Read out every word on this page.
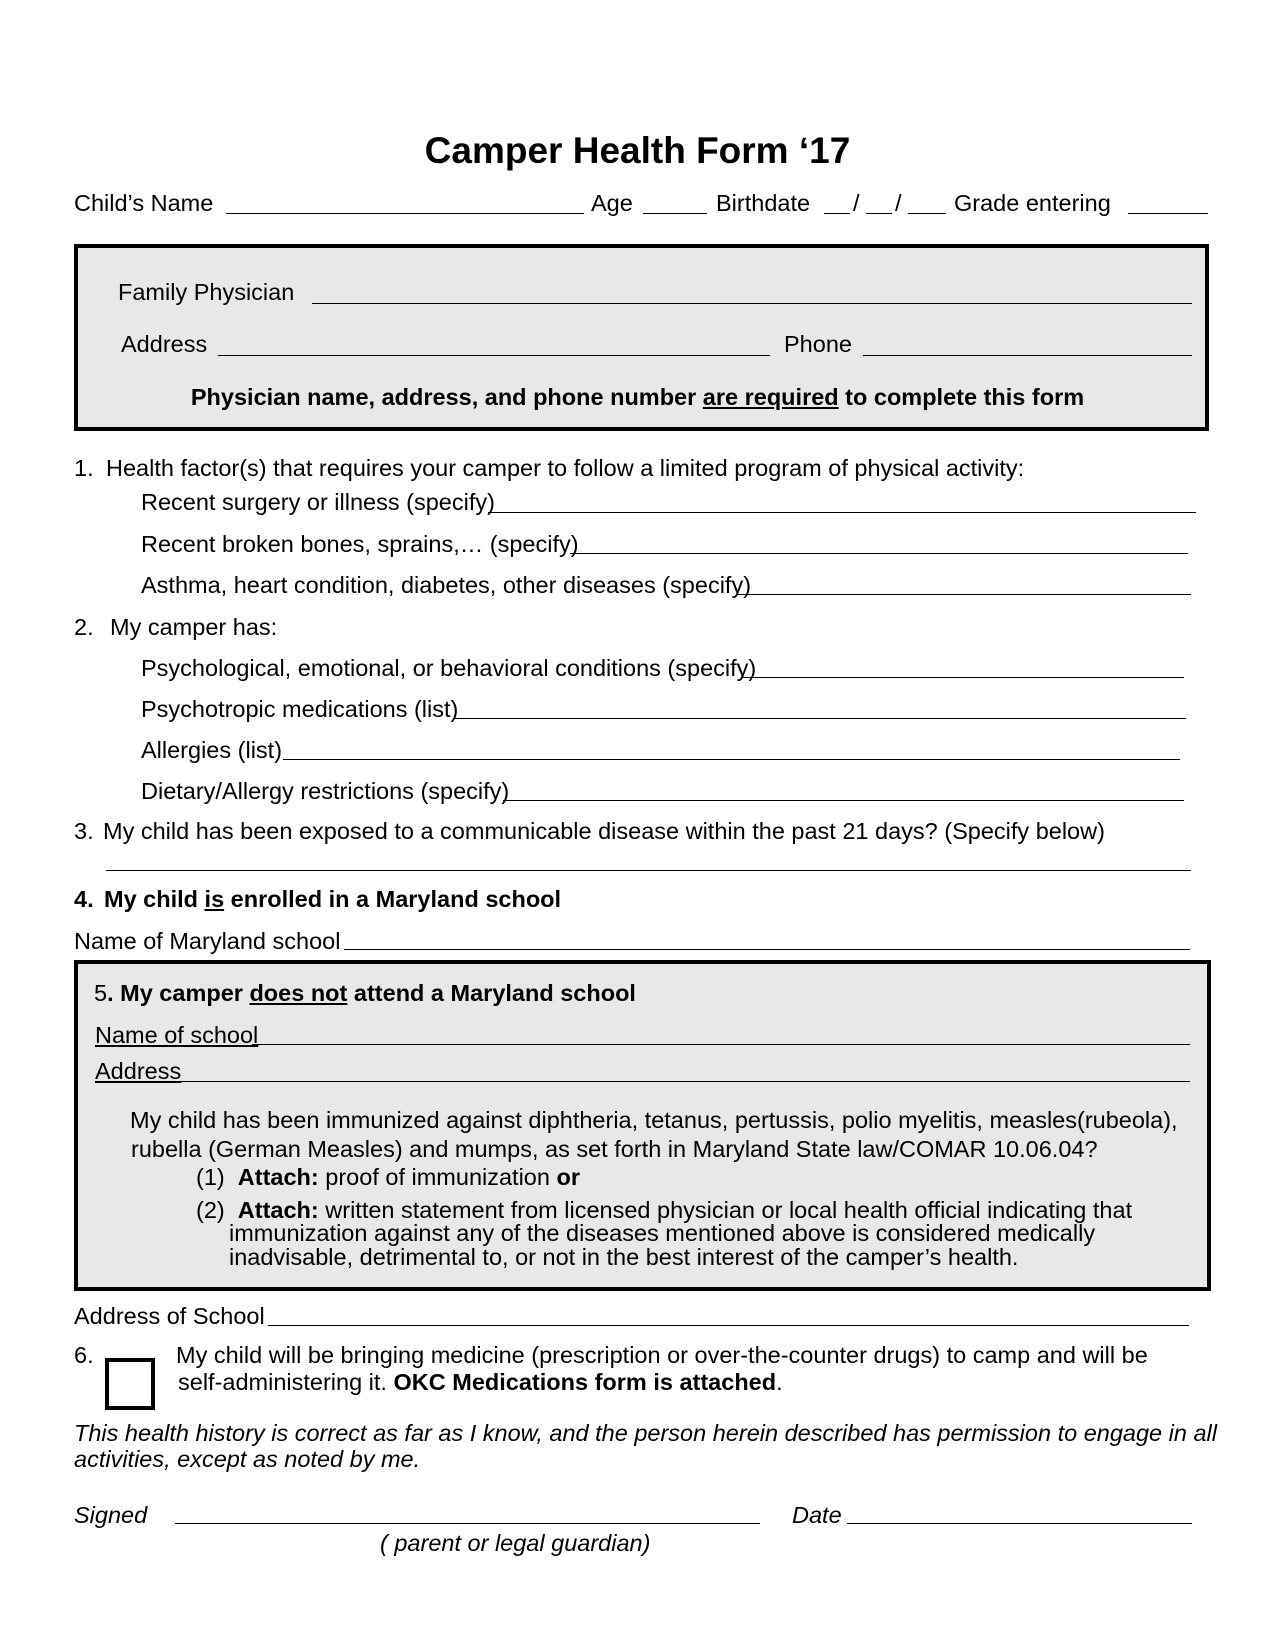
Camper Health Form ‘17
Child’s Name	Age	Birthdate / / Grade entering
Family Physician
Address	Phone
Physician name, address, and phone number are required to complete this form
1. Health factor(s) that requires your camper to follow a limited program of physical activity:
Recent surgery or illness (specify)
Recent broken bones, sprains,… (specify)
Asthma, heart condition, diabetes, other diseases (specify)
2. My camper has:
Psychological, emotional, or behavioral conditions (specify)
Psychotropic medications (list)
Allergies (list)
Dietary/Allergy restrictions (specify)
3. My child has been exposed to a communicable disease within the past 21 days? (Specify below)
4. My child is enrolled in a Maryland school
Name of Maryland school
5. My camper does not attend a Maryland school
Name of school
Address
My child has been immunized against diphtheria, tetanus, pertussis, polio myelitis, measles(rubeola),
rubella (German Measles) and mumps, as set forth in Maryland State law/COMAR 10.06.04?
(1) Attach: proof of immunization or
(2) Attach: written statement from licensed physician or local health official indicating that
immunization against any of the diseases mentioned above is considered medically
inadvisable, detrimental to, or not in the best interest of the camper’s health.
Address of School
6.	My child will be bringing medicine (prescription or over-the-counter drugs) to camp and will be
self-administering it. OKC Medications form is attached.
This health history is correct as far as I know, and the person herein described has permission to engage in all
activities, except as noted by me.
Signed	Date
( parent or legal guardian)
